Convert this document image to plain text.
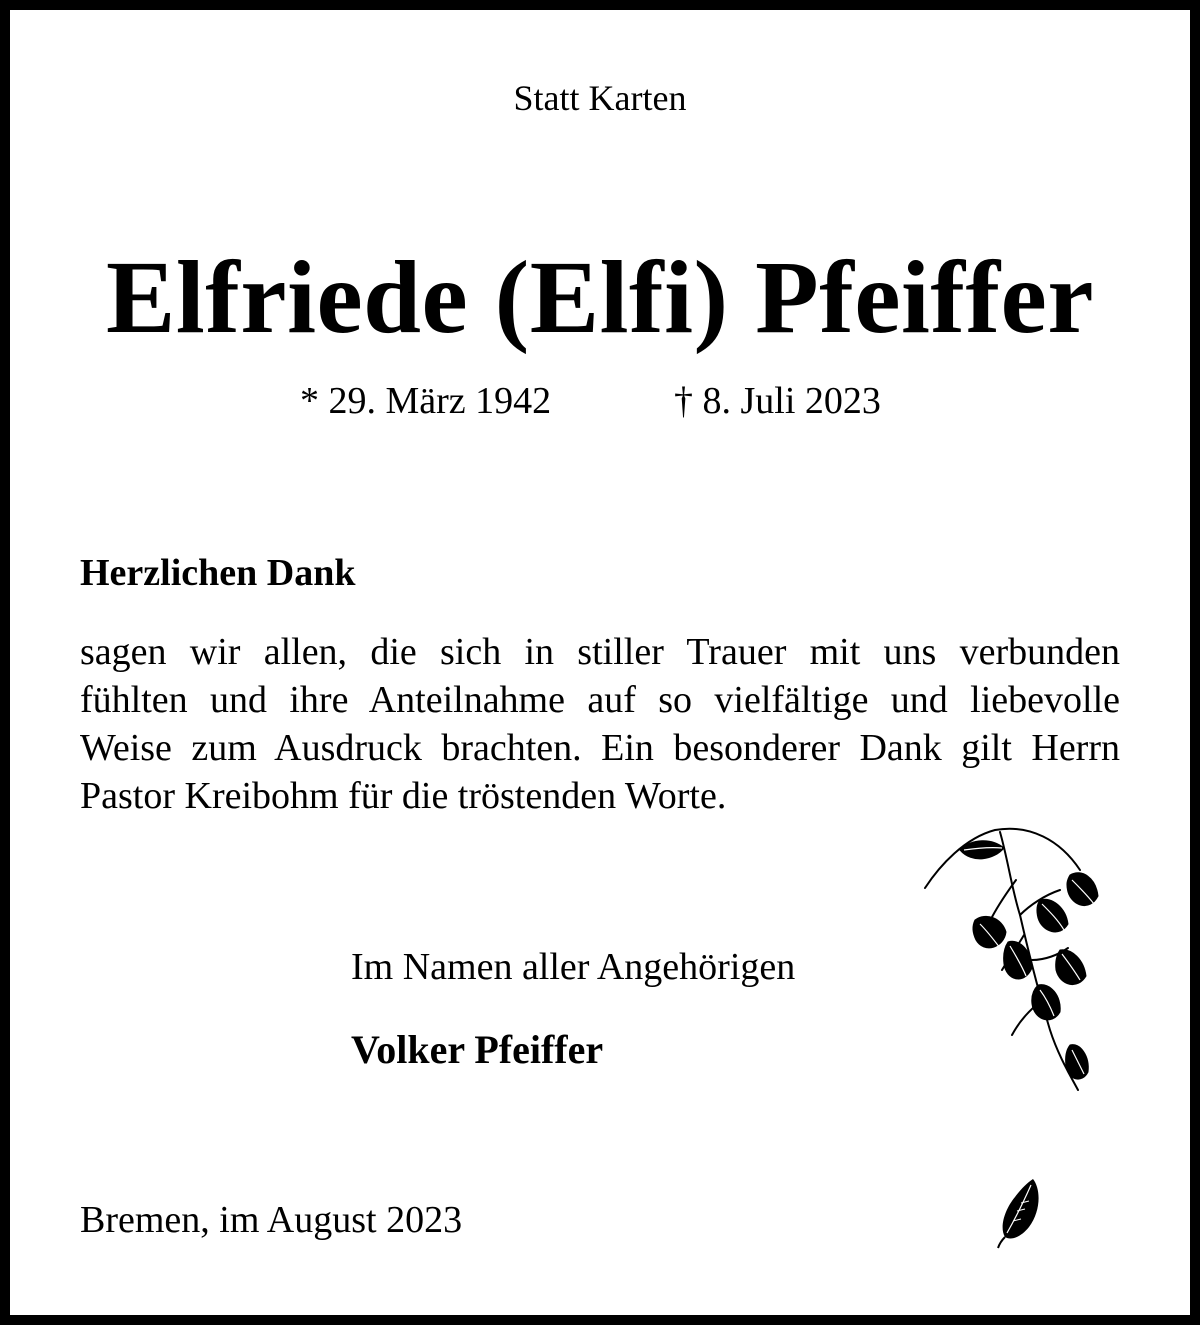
Statt Karten
Elfriede (Elfi) Pfeiffer
* 29. März 1942	† 8. Juli 2023
Herzlichen Dank
sagen wir allen, die sich in stiller Trauer mit uns verbunden
fühlten und ihre Anteilnahme auf so vielfältige und liebevolle
Weise zum Ausdruck brachten. Ein besonderer Dank gilt Herrn
Pastor Kreibohm für die tröstenden Worte.
Im Namen aller Angehörigen
Volker Pfeiffer
Bremen, im August 2023
